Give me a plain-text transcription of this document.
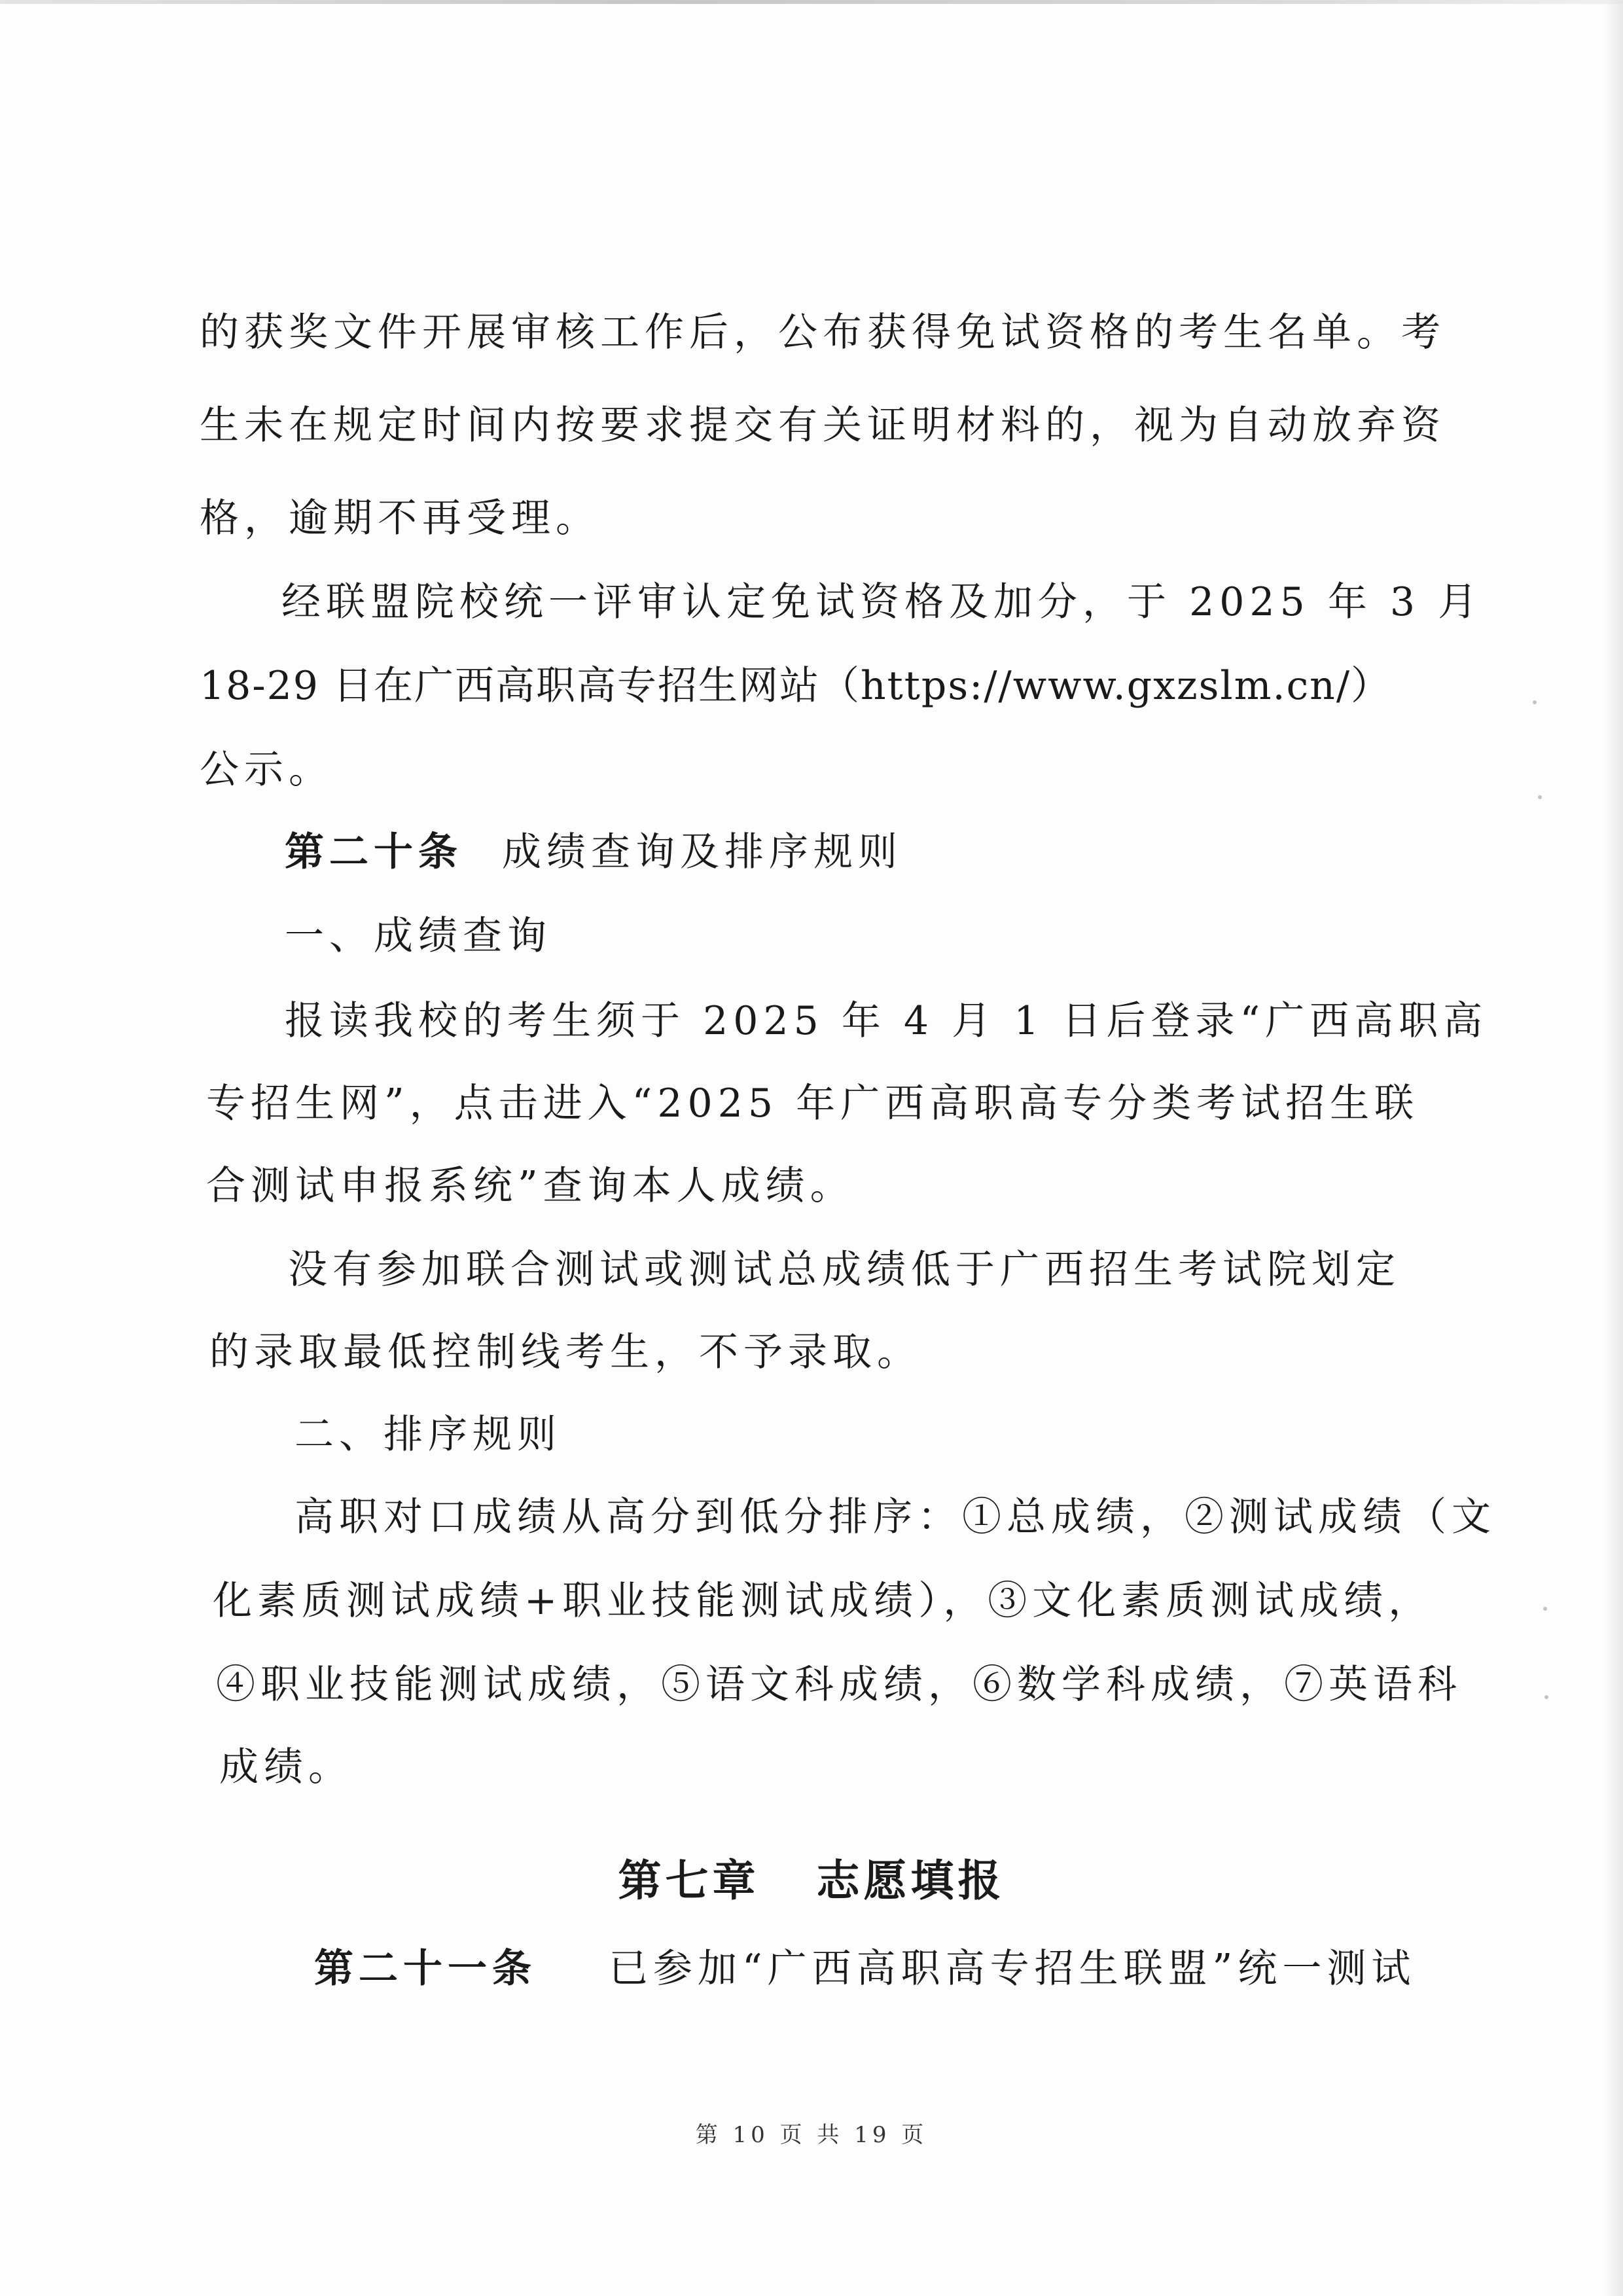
的获奖文件开展审核工作后，公布获得免试资格的考生名单。考
生未在规定时间内按要求提交有关证明材料的，视为自动放弃资
格，逾期不再受理。
经联盟院校统一评审认定免试资格及加分，于 2025 年 3 月
18-29 日在广西高职高专招生网站（https://www.gxzslm.cn/）
公示。
第二十条 成绩查询及排序规则
一、成绩查询
报读我校的考生须于 2025 年 4 月 1 日后登录“广西高职高
专招生网”，点击进入“2025 年广西高职高专分类考试招生联
合测试申报系统”查询本人成绩。
没有参加联合测试或测试总成绩低于广西招生考试院划定
的录取最低控制线考生，不予录取。
二、排序规则
高职对口成绩从高分到低分排序：①总成绩，②测试成绩（文
化素质测试成绩+职业技能测试成绩），③文化素质测试成绩，
④职业技能测试成绩，⑤语文科成绩，⑥数学科成绩，⑦英语科
成绩。
第七章   志愿填报
第二十一条 已参加“广西高职高专招生联盟”统一测试
第 10 页 共 19 页
